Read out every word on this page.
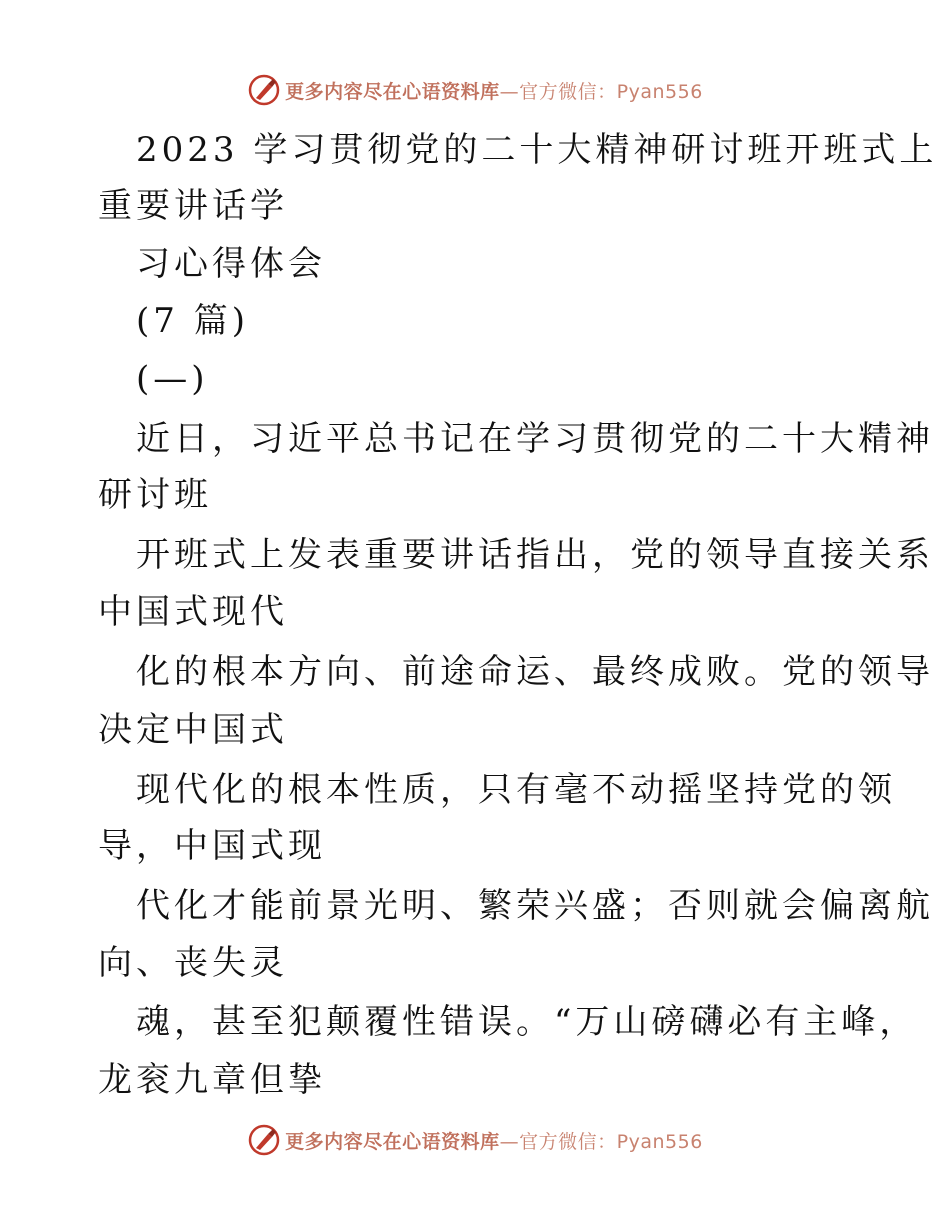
更多内容尽在心语资料库—官方微信：Pyan556
2023 学习贯彻党的二十大精神研讨班开班式上
重要讲话学
习心得体会
(7 篇)
(—)
近日，习近平总书记在学习贯彻党的二十大精神
研讨班
开班式上发表重要讲话指出，党的领导直接关系
中国式现代
化的根本方向、前途命运、最终成败。党的领导
决定中国式
现代化的根本性质，只有毫不动摇坚持党的领
导，中国式现
代化才能前景光明、繁荣兴盛；否则就会偏离航
向、丧失灵
魂，甚至犯颠覆性错误。“万山磅礴必有主峰，
龙衮九章但挚
更多内容尽在心语资料库—官方微信：Pyan556
